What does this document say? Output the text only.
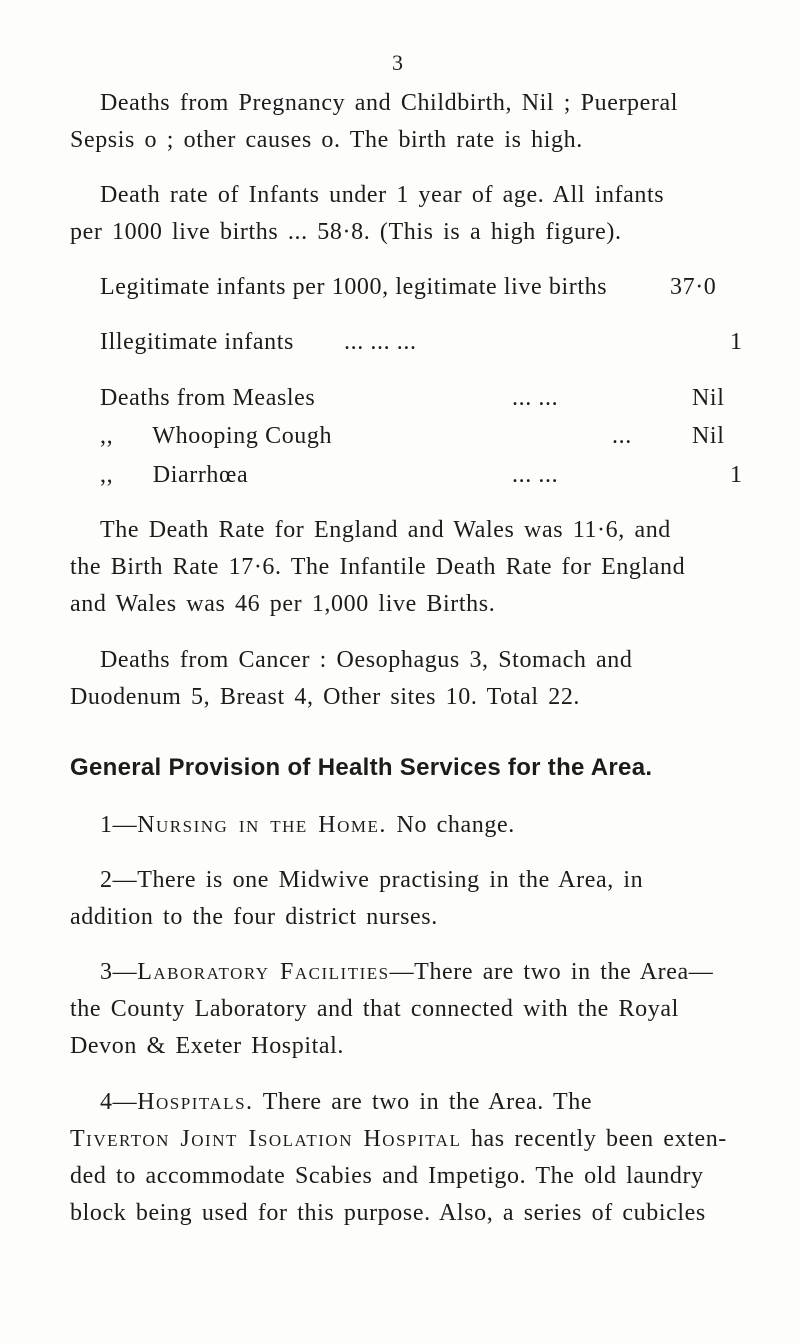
3
Deaths from Pregnancy and Childbirth, Nil ; Puerperal
Sepsis o ; other causes o. The birth rate is high.
Death rate of Infants under 1 year of age. All infants
per 1000 live births ... 58·8. (This is a high figure).
Legitimate infants per 1000, legitimate live births	37·0
Illegitimate infants ... ... ...	1
Deaths from Measles	... ...	Nil
,,      Whooping Cough	...	Nil
,,      Diarrhœa	... ...	1
The Death Rate for England and Wales was 11·6, and
the Birth Rate 17·6. The Infantile Death Rate for England
and Wales was 46 per 1,000 live Births.
Deaths from Cancer : Oesophagus 3, Stomach and
Duodenum 5, Breast 4, Other sites 10. Total 22.
General Provision of Health Services for the Area.
1—Nursing in the Home. No change.
2—There is one Midwive practising in the Area, in
addition to the four district nurses.
3—Laboratory Facilities—There are two in the Area—
the County Laboratory and that connected with the Royal
Devon & Exeter Hospital.
4—Hospitals. There are two in the Area. The
Tiverton Joint Isolation Hospital has recently been exten-
ded to accommodate Scabies and Impetigo. The old laundry
block being used for this purpose. Also, a series of cubicles
